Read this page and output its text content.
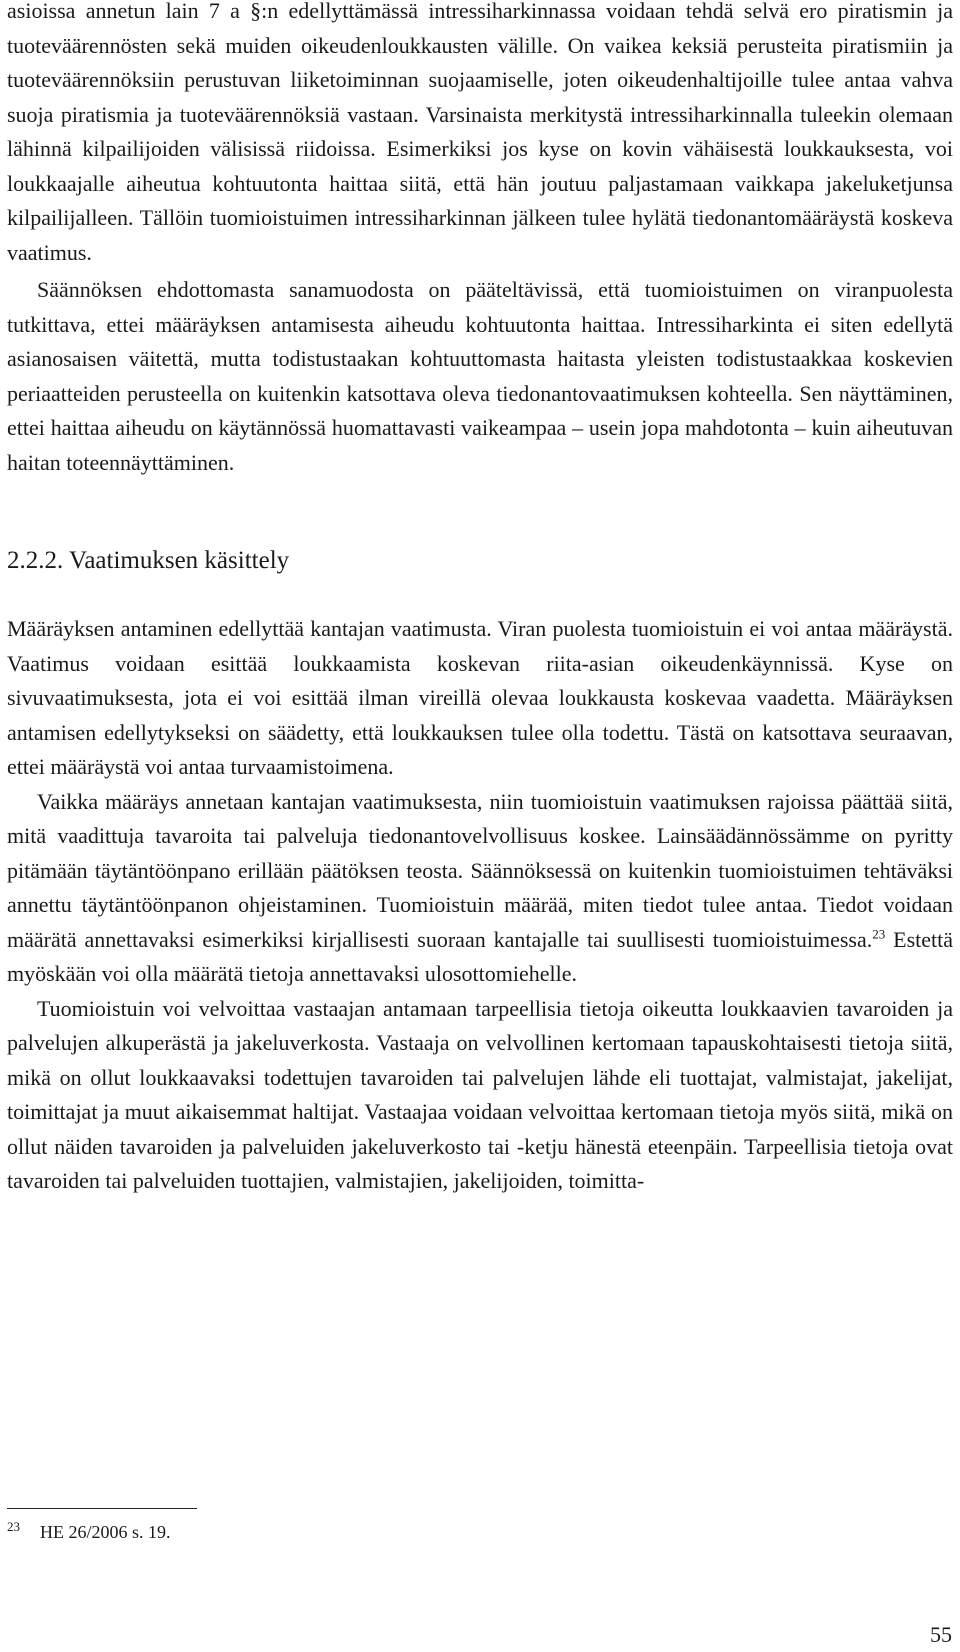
asioissa annetun lain 7 a §:n edellyttämässä intressiharkinnassa voidaan tehdä selvä ero piratismin ja tuoteväärennösten sekä muiden oikeudenloukkausten välille. On vaikea keksiä perusteita piratismiin ja tuoteväärennöksiin perustuvan liiketoiminnan suojaamiselle, joten oikeudenhaltijoille tulee antaa vahva suoja piratismia ja tuoteväärennöksiä vastaan. Varsinaista merkitystä intressiharkinnalla tuleekin olemaan lähinnä kilpailijoiden välisissä riidoissa. Esimerkiksi jos kyse on kovin vähäisestä loukkauksesta, voi loukkaajalle aiheutua kohtuutonta haittaa siitä, että hän joutuu paljastamaan vaikkapa jakeluketjunsa kilpailijalleen. Tällöin tuomioistuimen intressiharkinnan jälkeen tulee hylätä tiedonantomääräystä koskeva vaatimus.

Säännöksen ehdottomasta sanamuodosta on pääteltävissä, että tuomioistuimen on viranpuolesta tutkittava, ettei määräyksen antamisesta aiheudu kohtuutonta haittaa. Intressiharkinta ei siten edellytä asianosaisen väitettä, mutta todistustaakan kohtuuttomasta haitasta yleisten todistustaakkaa koskevien periaatteiden perusteella on kuitenkin katsottava oleva tiedonantovaatimuksen kohteella. Sen näyttäminen, ettei haittaa aiheudu on käytännössä huomattavasti vaikeampaa – usein jopa mahdotonta – kuin aiheutuvan haitan toteennäyttäminen.

2.2.2. Vaatimuksen käsittely

Määräyksen antaminen edellyttää kantajan vaatimusta. Viran puolesta tuomioistuin ei voi antaa määräystä. Vaatimus voidaan esittää loukkaamista koskevan riita-asian oikeudenkäynnissä. Kyse on sivuvaatimuksesta, jota ei voi esittää ilman vireillä olevaa loukkausta koskevaa vaadetta. Määräyksen antamisen edellytykseksi on säädetty, että loukkauksen tulee olla todettu. Tästä on katsottava seuraavan, ettei määräystä voi antaa turvaamistoimena.

Vaikka määräys annetaan kantajan vaatimuksesta, niin tuomioistuin vaatimuksen rajoissa päättää siitä, mitä vaadittuja tavaroita tai palveluja tiedonantovelvollisuus koskee. Lainsäädännössämme on pyritty pitämään täytäntöönpano erillään päätöksen teosta. Säännöksessä on kuitenkin tuomioistuimen tehtäväksi annettu täytäntöönpanon ohjeistaminen. Tuomioistuin määrää, miten tiedot tulee antaa. Tiedot voidaan määrätä annettavaksi esimerkiksi kirjallisesti suoraan kantajalle tai suullisesti tuomioistuimessa.$^{23}$ Estettä myöskään voi olla määrätä tietoja annettavaksi ulosottomiehelle.

Tuomioistuin voi velvoittaa vastaajan antamaan tarpeellisia tietoja oikeutta loukkaavien tavaroiden ja palvelujen alkuperästä ja jakeluverkosta. Vastaaja on velvollinen kertomaan tapauskohtaisesti tietoja siitä, mikä on ollut loukkaavaksi todettujen tavaroiden tai palvelujen lähde eli tuottajat, valmistajat, jakelijat, toimittajat ja muut aikaisemmat haltijat. Vastaajaa voidaan velvoittaa kertomaan tietoja myös siitä, mikä on ollut näiden tavaroiden ja palveluiden jakeluverkosto tai -ketju hänestä eteenpäin. Tarpeellisia tietoja ovat tavaroiden tai palveluiden tuottajien, valmistajien, jakelijoiden, toimitta-

$^{23}$ HE 26/2006 s. 19.
55
